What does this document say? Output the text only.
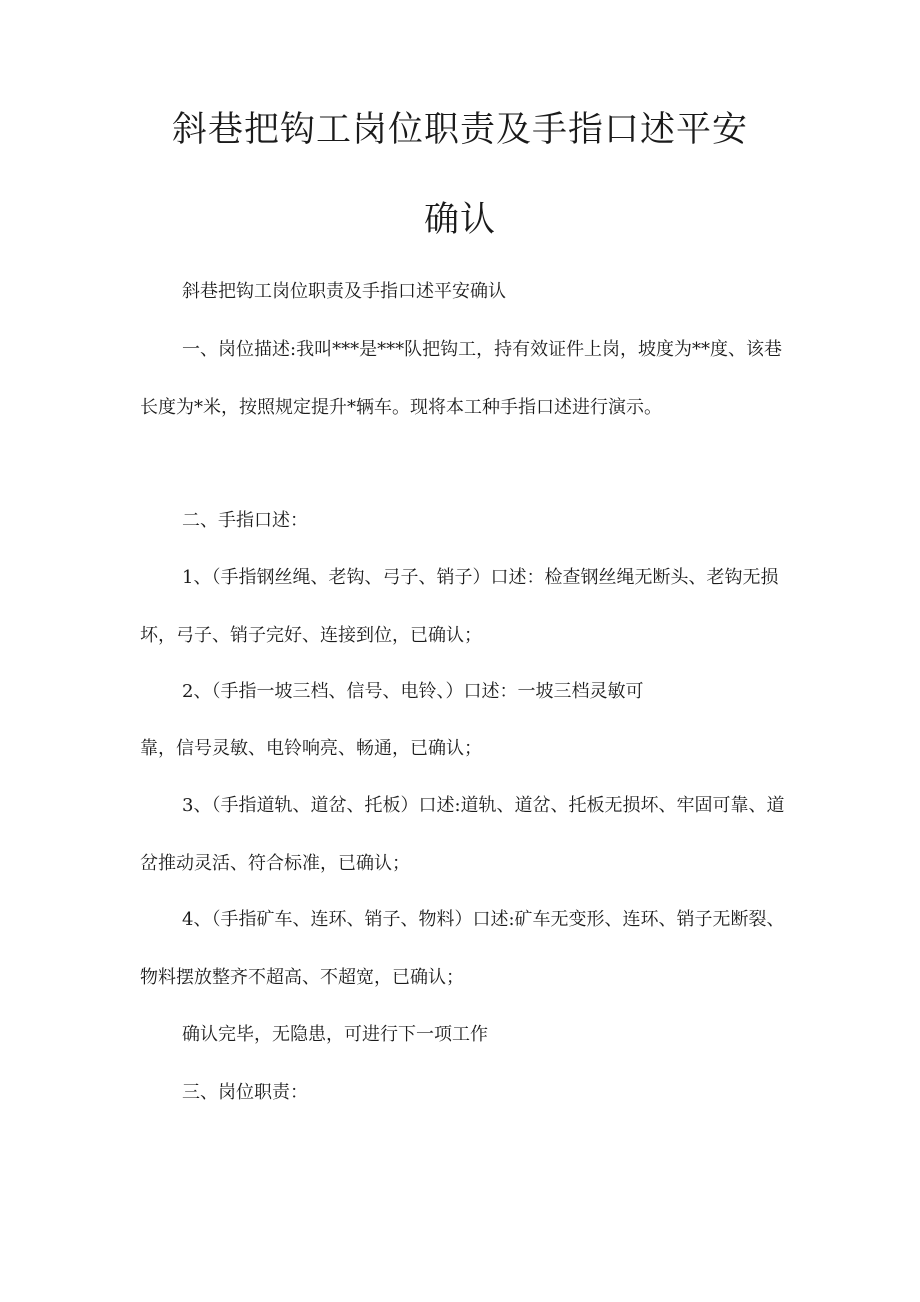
斜巷把钩工岗位职责及手指口述平安
确认
斜巷把钩工岗位职责及手指口述平安确认
一、岗位描述:我叫***是***队把钩工，持有效证件上岗，坡度为**度、该巷长度为*米，按照规定提升*辆车。现将本工种手指口述进行演示。
二、手指口述：
1、（手指钢丝绳、老钩、弓子、销子）口述：检查钢丝绳无断头、老钩无损坏，弓子、销子完好、连接到位，已确认；
2、（手指一坡三档、信号、电铃、）口述：一坡三档灵敏可
靠，信号灵敏、电铃响亮、畅通，已确认；
3、（手指道轨、道岔、托板）口述:道轨、道岔、托板无损坏、牢固可靠、道岔推动灵活、符合标准，已确认；
4、（手指矿车、连环、销子、物料）口述:矿车无变形、连环、销子无断裂、物料摆放整齐不超高、不超宽，已确认；
确认完毕，无隐患，可进行下一项工作
三、岗位职责：
